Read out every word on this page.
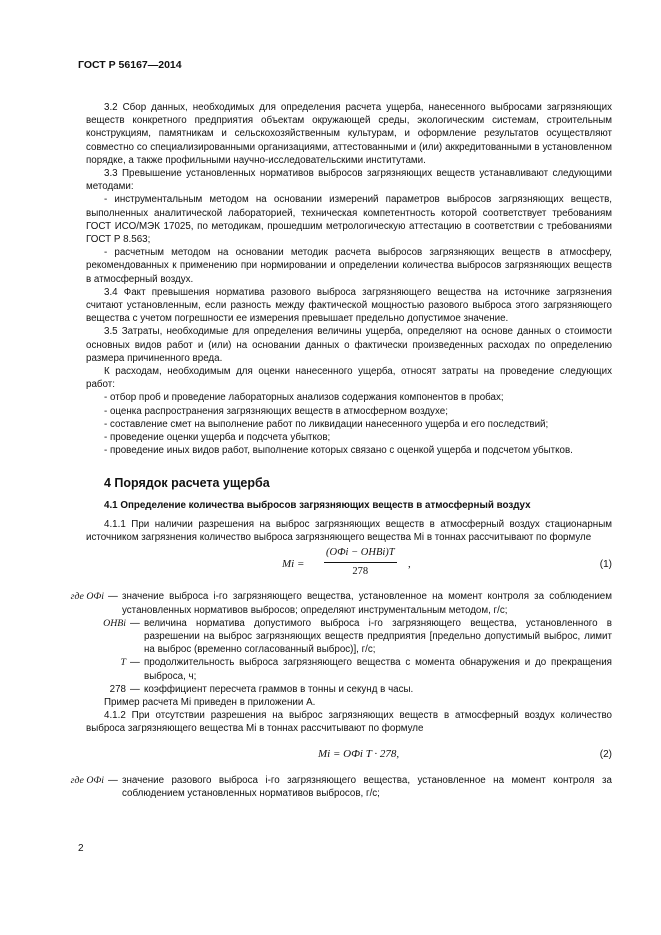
ГОСТ Р 56167—2014

3.2 Сбор данных, необходимых для определения расчета ущерба, нанесенного выбросами загрязняющих веществ конкретного предприятия объектам окружающей среды, экологическим системам, строительным конструкциям, памятникам и сельскохозяйственным культурам, и оформление результатов осуществляют совместно со специализированными организациями, аттестованными и (или) аккредитованными в установленном порядке, а также профильными научно-исследовательскими институтами.

3.3 Превышение установленных нормативов выбросов загрязняющих веществ устанавливают следующими методами:

- инструментальным методом на основании измерений параметров выбросов загрязняющих веществ, выполненных аналитической лабораторией, техническая компетентность которой соответствует требованиям ГОСТ ИСО/МЭК 17025, по методикам, прошедшим метрологическую аттестацию в соответствии с требованиями ГОСТ Р 8.563;

- расчетным методом на основании методик расчета выбросов загрязняющих веществ в атмосферу, рекомендованных к применению при нормировании и определении количества выбросов загрязняющих веществ в атмосферный воздух.

3.4 Факт превышения норматива разового выброса загрязняющего вещества на источнике загрязнения считают установленным, если разность между фактической мощностью разового выброса этого загрязняющего вещества с учетом погрешности ее измерения превышает предельно допустимое значение.

3.5 Затраты, необходимые для определения величины ущерба, определяют на основе данных о стоимости основных видов работ и (или) на основании данных о фактически произведенных расходах по определению размера причиненного вреда.

К расходам, необходимым для оценки нанесенного ущерба, относят затраты на проведение следующих работ:

- отбор проб и проведение лабораторных анализов содержания компонентов в пробах;

- оценка распространения загрязняющих веществ в атмосферном воздухе;

- составление смет на выполнение работ по ликвидации нанесенного ущерба и его последствий;

- проведение оценки ущерба и подсчета убытков;

- проведение иных видов работ, выполнение которых связано с оценкой ущерба и подсчетом убытков.

4 Порядок расчета ущерба
4.1 Определение количества выбросов загрязняющих веществ в атмосферный воздух

4.1.1 При наличии разрешения на выброс загрязняющих веществ в атмосферный воздух стационарным источником загрязнения количество выброса загрязняющего вещества Mi в тоннах рассчитывают по формуле

Mi =
(OФi − OHBi)T
278
,	(1)
где OФi — значение выброса i-го загрязняющего вещества, установленное на момент контроля за соблюдением установленных нормативов выбросов; определяют инструментальным методом, г/с;
OHBi — величина норматива допустимого выброса i-го загрязняющего вещества, установленного в разрешении на выброс загрязняющих веществ предприятия [предельно допустимый выброс, лимит на выброс (временно согласованный выброс)], г/с;
T — продолжительность выброса загрязняющего вещества с момента обнаружения и до прекращения выброса, ч;
278 — коэффициент пересчета граммов в тонны и секунд в часы.

Пример расчета Mi приведен в приложении А.

4.1.2 При отсутствии разрешения на выброс загрязняющих веществ в атмосферный воздух количество выброса загрязняющего вещества Mi в тоннах рассчитывают по формуле

Mi = OФi T · 278,	(2)
где OФi — значение разового выброса i-го загрязняющего вещества, установленное на момент контроля за соблюдением установленных нормативов выбросов, г/с;
2
